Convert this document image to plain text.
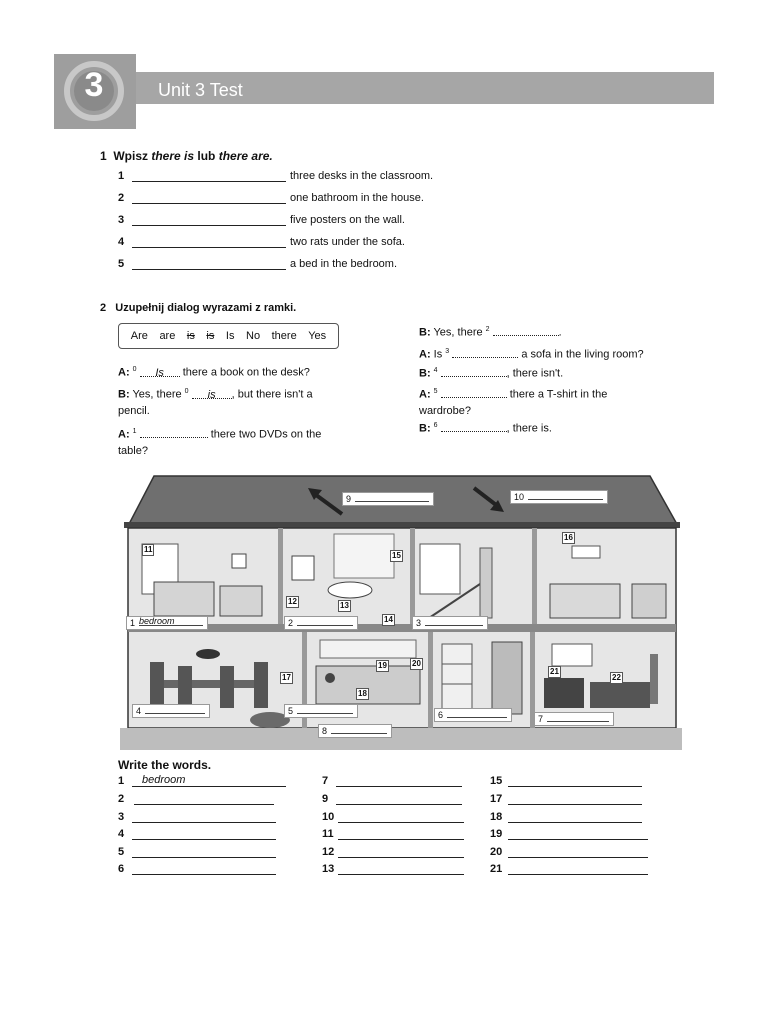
3	Unit 3 Test
1 Wpisz there is lub there are.
1	three desks in the classroom.
2	one bathroom in the house.
3	five posters on the wall.
4	two rats under the sofa.
5	a bed in the bedroom.
2 Uzupełnij dialog wyrazami z ramki.
Are are is is Is No there Yes
A: $^0$ Is there a book on the desk?
B: Yes, there $^0$ is , but there isn't a
pencil.
A: $^1$	there two DVDs on the
table?
B: Yes, there $^2$	.
A: Is $^3$	a sofa in the living room?
B: $^4$	, there isn't.
A: $^5$	there a T-shirt in the
wardrobe?
B: $^6$	, there is.
9	10
1 bedroom	2	3
4	5	6	7
8
11
12	13
14
15
16
17
18
19	20
21
22
Write the words.
1	bedroom
2
3
4
5
6
7
9
10
11
12
13
15
17
18
19
20
21
